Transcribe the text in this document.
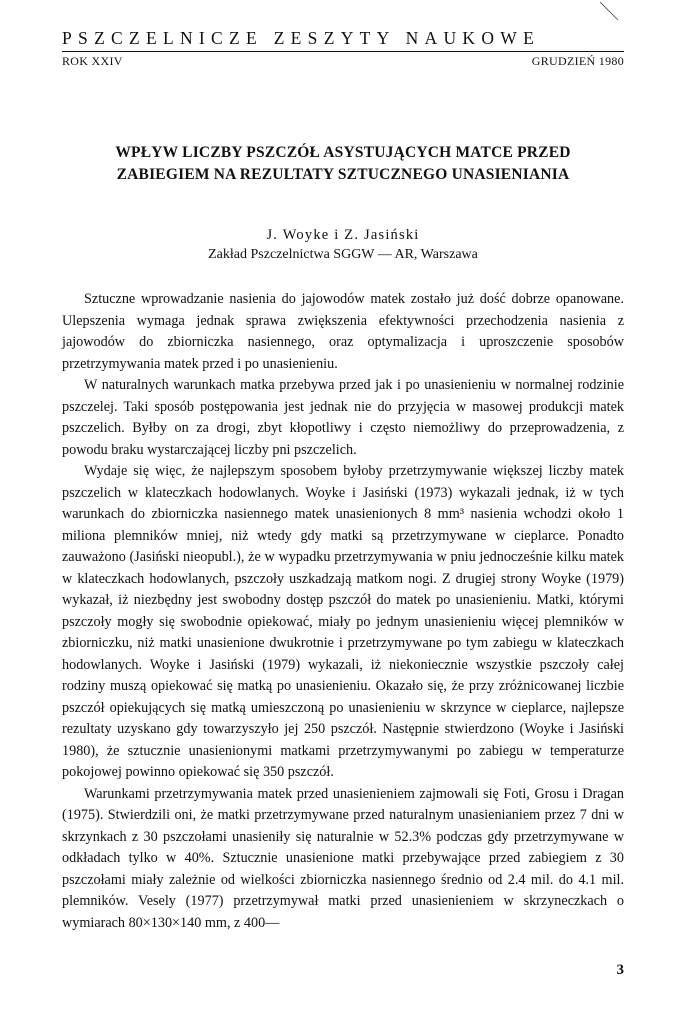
PSZCZELNICZE ZESZYTY NAUKOWE
ROK XXIV	GRUDZIEŃ 1980
WPŁYW LICZBY PSZCZÓŁ ASYSTUJĄCYCH MATCE PRZED
ZABIEGIEM NA REZULTATY SZTUCZNEGO UNASIENIANIA
J. Woyke i Z. Jasiński
Zakład Pszczelnictwa SGGW — AR, Warszawa

Sztuczne wprowadzanie nasienia do jajowodów matek zostało już dość dobrze opanowane. Ulepszenia wymaga jednak sprawa zwiększenia efektywności przechodzenia nasienia z jajowodów do zbiorniczka nasiennego, oraz optymalizacja i uproszczenie sposobów przetrzymywania matek przed i po unasienieniu.

W naturalnych warunkach matka przebywa przed jak i po unasienieniu w normalnej rodzinie pszczelej. Taki sposób postępowania jest jednak nie do przyjęcia w masowej produkcji matek pszczelich. Byłby on za drogi, zbyt kłopotliwy i często niemożliwy do przeprowadzenia, z powodu braku wystarczającej liczby pni pszczelich.

Wydaje się więc, że najlepszym sposobem byłoby przetrzymywanie większej liczby matek pszczelich w klateczkach hodowlanych. Woyke i Jasiński (1973) wykazali jednak, iż w tych warunkach do zbiorniczka nasiennego matek unasienionych 8 mm³ nasienia wchodzi około 1 miliona plemników mniej, niż wtedy gdy matki są przetrzymywane w cieplarce. Ponadto zauważono (Jasiński nieopubl.), że w wypadku przetrzymywania w pniu jednocześnie kilku matek w klateczkach hodowlanych, pszczoły uszkadzają matkom nogi. Z drugiej strony Woyke (1979) wykazał, iż niezbędny jest swobodny dostęp pszczół do matek po unasienieniu. Matki, którymi pszczoły mogły się swobodnie opiekować, miały po jednym unasienieniu więcej plemników w zbiorniczku, niż matki unasienione dwukrotnie i przetrzymywane po tym zabiegu w klateczkach hodowlanych. Woyke i Jasiński (1979) wykazali, iż niekoniecznie wszystkie pszczoły całej rodziny muszą opiekować się matką po unasienieniu. Okazało się, że przy zróżnicowanej liczbie pszczół opiekujących się matką umieszczoną po unasienieniu w skrzynce w cieplarce, najlepsze rezultaty uzyskano gdy towarzyszyło jej 250 pszczół. Następnie stwierdzono (Woyke i Jasiński 1980), że sztucznie unasienionymi matkami przetrzymywanymi po zabiegu w temperaturze pokojowej powinno opiekować się 350 pszczół.

Warunkami przetrzymywania matek przed unasienieniem zajmowali się Foti, Grosu i Dragan (1975). Stwierdzili oni, że matki przetrzymywane przed naturalnym unasienianiem przez 7 dni w skrzynkach z 30 pszczołami unasieniły się naturalnie w 52.3% podczas gdy przetrzymywane w odkładach tylko w 40%. Sztucznie unasienione matki przebywające przed zabiegiem z 30 pszczołami miały zależnie od wielkości zbiorniczka nasiennego średnio od 2.4 mil. do 4.1 mil. plemników. Vesely (1977) przetrzymywał matki przed unasienieniem w skrzyneczkach o wymiarach 80×130×140 mm, z 400—

3
